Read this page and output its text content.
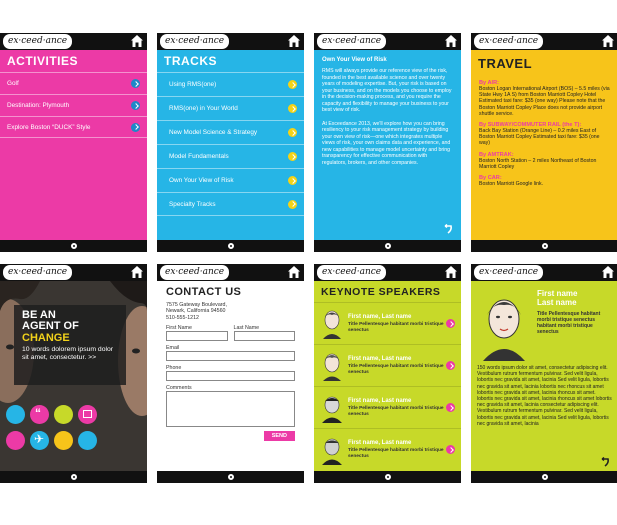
ex·ceed·ance
ACTIVITIES
Golf
Destination: Plymouth
Explore Boston “DUCK” Style
ex·ceed·ance
TRACKS
Using RMS(one)
RMS(one) in Your World
New Model Science & Strategy
Model Fundamentals
Own Your View of Risk
Specialty Tracks
ex·ceed·ance
Own Your View of Risk
RMS will always provide our reference view of the risk, founded in the best available science and over twenty years of modeling expertise. But, your risk is based on your business, and on the models you choose to employ in the decision-making process, and you require the capacity and flexibility to manage your business to your best view of risk.
At Exceedance 2013, we'll explore how you can bring resiliency to your risk management strategy by building your own view of risk—one which integrates multiple views of risk, your own claims data and experience, and new capabilities to manage model uncertainty and bring transparency for effective communication with regulators, brokers, and other companies.
ex·ceed·ance
TRAVEL
By AIR:

Boston Logan International Airport (BOS) – 5.5 miles (via State Hwy 1A S) from Boston Marriott Copley Hotel Estimated taxi fare: $35 (one way) Please note that the Boston Marriott Copley Place does not provide airport shuttle service.

By SUBWAY/COMMUTER RAIL (the T):

Back Bay Station (Orange Line) – 0.2 miles East of Boston Marriott Copley Estimated taxi fare: $35 (one way)

By AMTRAK:

Boston North Station – 2 miles Northeast of Boston Marriott Copley

By CAR:

Boston Marriott Google link.

ex·ceed·ance
BE AN
AGENT OF
CHANGE
10 words dolorem ipsum dolor sit amet, consectetur. >>
“
✈
ex·ceed·ance
CONTACT US
7575 Gateway Boulevard,
Newark, California 94560
510-555-1212
First Name	Last Name
Email
Phone
Comments
SEND
ex·ceed·ance
KEYNOTE SPEAKERS
First name, Last name
Title Pellentesque habitant morbi tristique senectus
First name, Last name
Title Pellentesque habitant morbi tristique senectus
First name, Last name
Title Pellentesque habitant morbi tristique senectus
First name, Last name
Title Pellentesque habitant morbi tristique senectus
ex·ceed·ance
First name
Last name
Title Pellentesque habitant morbi tristique senectus habitant morbi tristique senectus
150 words ipsum dolor sit amet, consectetur adipiscing elit. Vestibulum rutrum fermentum pulvinar. Sed velit ligula, lobortis nec gravida sit amet, lacinia Sed velit ligula, lobortis nec gravida sit amet, lacinia lobortis nec rhoncus sit amet lobortis nec gravida sit amet, lacinia rhoncus sit amet. lobortis nec gravida sit amet, lacinia rhoncus sit amet lobortis nec gravida sit amet, lacinia consectetur adipiscing elit. Vestibulum rutrum fermentum pulvinar. Sed velit ligula, lobortis nec gravida sit amet, lacinia Sed velit ligula, lobortis nec gravida sit amet, lacinia
